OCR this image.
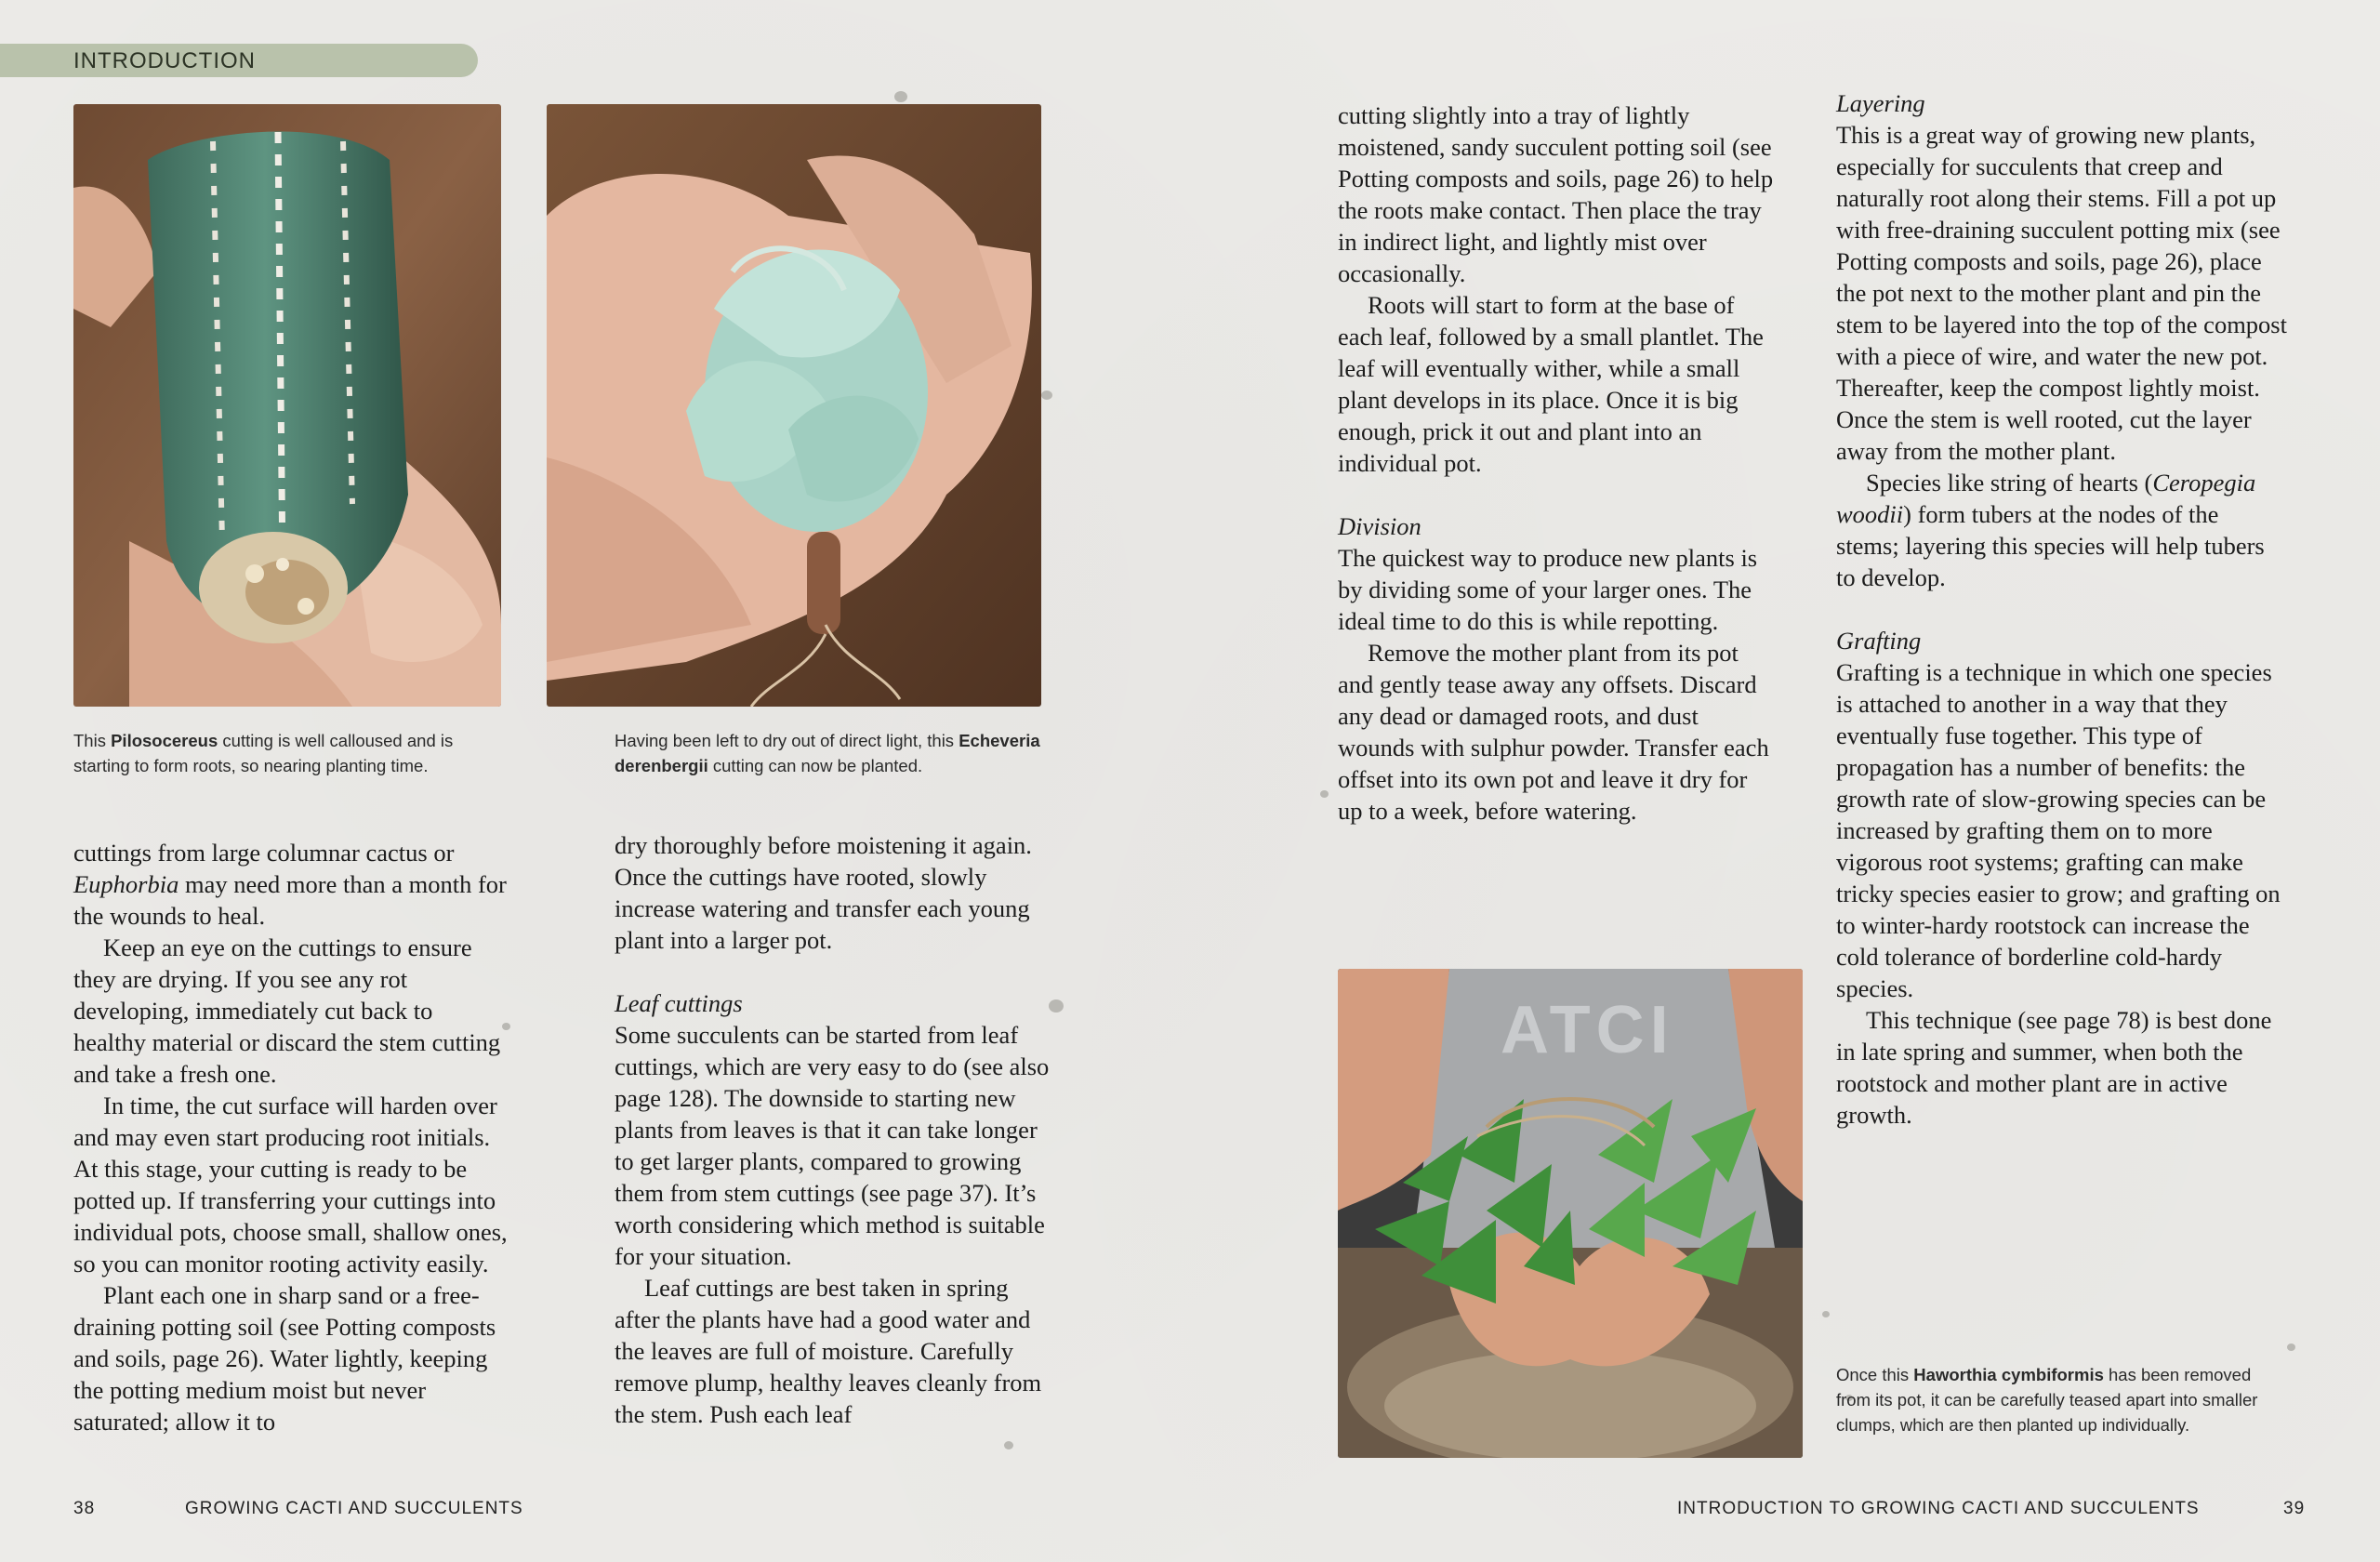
INTRODUCTION
This Pilosocereus cutting is well calloused and is starting to form roots, so nearing planting time.
Having been left to dry out of direct light, this Echeveria derenbergii cutting can now be planted.

cuttings from large columnar cactus or Euphorbia may need more than a month for the wounds to heal.

Keep an eye on the cuttings to ensure they are drying. If you see any rot developing, immediately cut back to healthy material or discard the stem cutting and take a fresh one.

In time, the cut surface will harden over and may even start producing root initials. At this stage, your cutting is ready to be potted up. If transferring your cuttings into individual pots, choose small, shallow ones, so you can monitor rooting activity easily.

Plant each one in sharp sand or a free-draining potting soil (see Potting composts and soils, page 26). Water lightly, keeping the potting medium moist but never saturated; allow it to

dry thoroughly before moistening it again. Once the cuttings have rooted, slowly increase watering and transfer each young plant into a larger pot.

Leaf cuttings

Some succulents can be started from leaf cuttings, which are very easy to do (see also page 128). The downside to starting new plants from leaves is that it can take longer to get larger plants, compared to growing them from stem cuttings (see page 37). It’s worth considering which method is suitable for your situation.

Leaf cuttings are best taken in spring after the plants have had a good water and the leaves are full of moisture. Carefully remove plump, healthy leaves cleanly from the stem. Push each leaf

cutting slightly into a tray of lightly moistened, sandy succulent potting soil (see Potting composts and soils, page 26) to help the roots make contact. Then place the tray in indirect light, and lightly mist over occasionally.

Roots will start to form at the base of each leaf, followed by a small plantlet. The leaf will eventually wither, while a small plant develops in its place. Once it is big enough, prick it out and plant into an individual pot.

Division

The quickest way to produce new plants is by dividing some of your larger ones. The ideal time to do this is while repotting.

Remove the mother plant from its pot and gently tease away any offsets. Discard any dead or damaged roots, and dust wounds with sulphur powder. Transfer each offset into its own pot and leave it dry for up to a week, before watering.

Layering

This is a great way of growing new plants, especially for succulents that creep and naturally root along their stems. Fill a pot up with free-draining succulent potting mix (see Potting composts and soils, page 26), place the pot next to the mother plant and pin the stem to be layered into the top of the compost with a piece of wire, and water the new pot. Thereafter, keep the compost lightly moist. Once the stem is well rooted, cut the layer away from the mother plant.

Species like string of hearts (Ceropegia woodii) form tubers at the nodes of the stems; layering this species will help tubers to develop.

Grafting

Grafting is a technique in which one species is attached to another in a way that they eventually fuse together. This type of propagation has a number of benefits: the growth rate of slow-growing species can be increased by grafting them on to more vigorous root systems; grafting can make tricky species easier to grow; and grafting on to winter-hardy rootstock can increase the cold tolerance of borderline cold-hardy species.

This technique (see page 78) is best done in late spring and summer, when both the rootstock and mother plant are in active growth.

ATCI
Once this Haworthia cymbiformis has been removed from its pot, it can be carefully teased apart into smaller clumps, which are then planted up individually.
38	GROWING CACTI AND SUCCULENTS	INTRODUCTION TO GROWING CACTI AND SUCCULENTS	39
